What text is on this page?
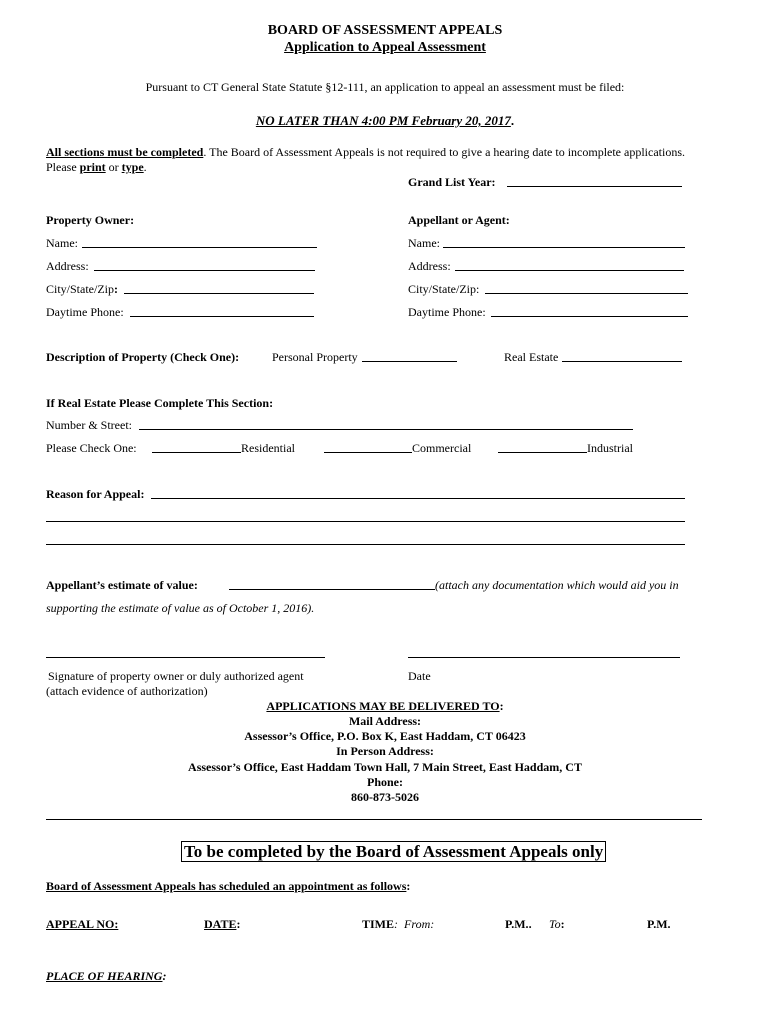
BOARD OF ASSESSMENT APPEALS
Application to Appeal Assessment
Pursuant to CT General State Statute §12-111, an application to appeal an assessment must be filed:
NO LATER THAN 4:00 PM February 20, 2017.
All sections must be completed. The Board of Assessment Appeals is not required to give a hearing date to incomplete applications.
Please print or type.
Grand List Year:
Property Owner:
Name:
Address:
City/State/Zip:
Daytime Phone:
Appellant or Agent:
Name:
Address:
City/State/Zip:
Daytime Phone:
Description of Property (Check One):	Personal Property	Real Estate
If Real Estate Please Complete This Section:
Number & Street:
Please Check One:	Residential	Commercial	Industrial
Reason for Appeal:
Appellant’s estimate of value:	(attach any documentation which would aid you in
supporting the estimate of value as of October 1, 2016).
Signature of property owner or duly authorized agent
(attach evidence of authorization)
Date
APPLICATIONS MAY BE DELIVERED TO:
Mail Address:
Assessor’s Office, P.O. Box K, East Haddam, CT 06423
In Person Address:
Assessor’s Office, East Haddam Town Hall, 7 Main Street, East Haddam, CT
Phone:
860-873-5026
To be completed by the Board of Assessment Appeals only
Board of Assessment Appeals has scheduled an appointment as follows:
APPEAL NO:	DATE:	TIME:  From:	P.M.. To:	P.M.
PLACE OF HEARING:
